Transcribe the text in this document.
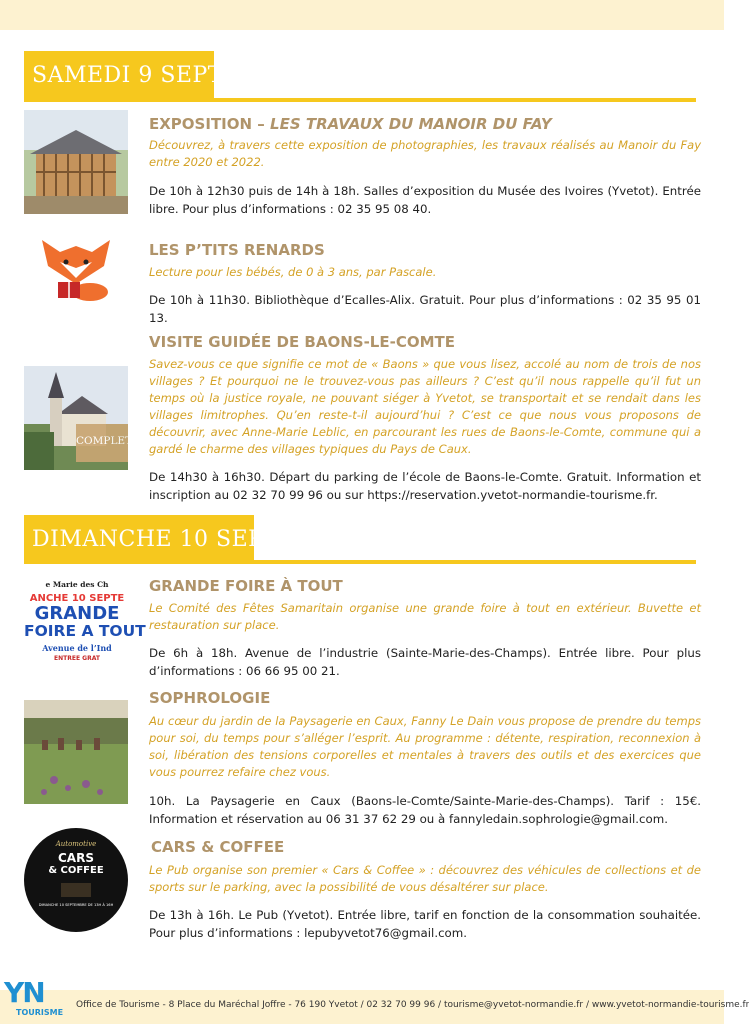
SAMEDI 9 SEPTEMBRE
EXPOSITION – LES TRAVAUX DU MANOIR DU FAY
Découvrez, à travers cette exposition de photographies, les travaux réalisés au Manoir du Fay entre 2020 et 2022.
De 10h à 12h30 puis de 14h à 18h. Salles d’exposition du Musée des Ivoires (Yvetot). Entrée libre. Pour plus d’informations : 02 35 95 08 40.
LES P’TITS RENARDS
Lecture pour les bébés, de 0 à 3 ans, par Pascale.
De 10h à 11h30. Bibliothèque d’Ecalles-Alix. Gratuit. Pour plus d’informations : 02 35 95 01 13.
COMPLET
VISITE GUIDÉE DE BAONS-LE-COMTE
Savez-vous ce que signifie ce mot de « Baons » que vous lisez, accolé au nom de trois de nos villages ? Et pourquoi ne le trouvez-vous pas ailleurs ? C’est qu’il nous rappelle qu’il fut un temps où la justice royale, ne pouvant siéger à Yvetot, se transportait et se rendait dans les villages limitrophes. Qu’en reste-t-il aujourd’hui ? C’est ce que nous vous proposons de découvrir, avec Anne-Marie Leblic, en parcourant les rues de Baons-le-Comte, commune qui a gardé le charme des villages typiques du Pays de Caux.
De 14h30 à 16h30. Départ du parking de l’école de Baons-le-Comte. Gratuit. Information et inscription au 02 32 70 99 96 ou sur https://reservation.yvetot-normandie-tourisme.fr.
DIMANCHE 10 SEPTEMBRE
e Marie des Ch
ANCHE 10 SEPTE
GRANDE
FOIRE A TOUT
Avenue de l’Ind
ENTREE GRAT
GRANDE FOIRE À TOUT
Le Comité des Fêtes Samaritain organise une grande foire à tout en extérieur. Buvette et restauration sur place.
De 6h à 18h. Avenue de l’industrie (Sainte-Marie-des-Champs). Entrée libre. Pour plus d’informations : 06 66 95 00 21.
SOPHROLOGIE
Au cœur du jardin de la Paysagerie en Caux, Fanny Le Dain vous propose de prendre du temps pour soi, du temps pour s’alléger l’esprit. Au programme : détente, respiration, reconnexion à soi, libération des tensions corporelles et mentales à travers des outils et des exercices que vous pourrez refaire chez vous.
10h. La Paysagerie en Caux (Baons-le-Comte/Sainte-Marie-des-Champs). Tarif : 15€. Information et réservation au 06 31 37 62 29 ou à fannyledain.sophrologie@gmail.com.
Automotive
CARS
& COFFEE
DIMANCHE 10 SEPTEMBRE DE 13H À 16H
CARS & COFFEE
Le Pub organise son premier « Cars & Coffee » : découvrez des véhicules de collections et de sports sur le parking, avec la possibilité de vous désaltérer sur place.
De 13h à 16h. Le Pub (Yvetot). Entrée libre, tarif en fonction de la consommation souhaitée. Pour plus d’informations : lepubyvetot76@gmail.com.
YN
TOURISME
Office de Tourisme - 8 Place du Maréchal Joffre - 76 190 Yvetot / 02 32 70 99 96 / tourisme@yvetot-normandie.fr / www.yvetot-normandie-tourisme.fr
